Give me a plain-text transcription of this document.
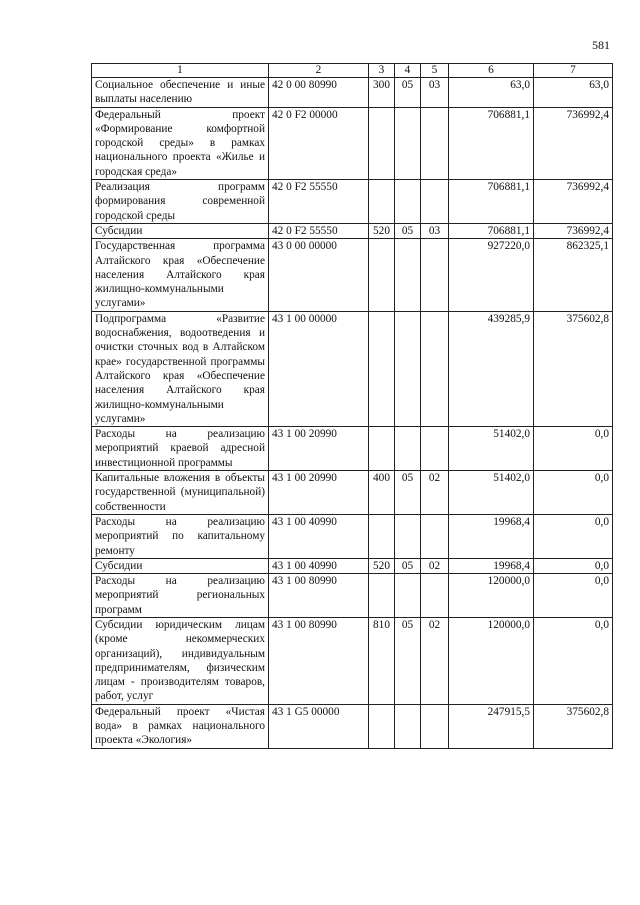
581
1	2	3	4	5	6	7
Социальное обеспечение и иные выплаты населению	42 0 00 80990	300	05	03	63,0	63,0
Федеральный проект «Формирование комфортной городской среды» в рамках национального проекта «Жилье и городская среда»	42 0 F2 00000				706881,1	736992,4
Реализация программ формирования современной городской среды	42 0 F2 55550				706881,1	736992,4
Субсидии	42 0 F2 55550	520	05	03	706881,1	736992,4
Государственная программа Алтайского края «Обеспечение населения Алтайского края жилищно-коммунальными услугами»	43 0 00 00000				927220,0	862325,1
Подпрограмма «Развитие водоснабжения, водоотведения и очистки сточных вод в Алтайском крае» государственной программы Алтайского края «Обеспечение населения Алтайского края жилищно-коммунальными услугами»	43 1 00 00000				439285,9	375602,8
Расходы на реализацию мероприятий краевой адресной инвестиционной программы	43 1 00 20990				51402,0	0,0
Капитальные вложения в объекты государственной (муниципальной) собственности	43 1 00 20990	400	05	02	51402,0	0,0
Расходы на реализацию мероприятий по капитальному ремонту	43 1 00 40990				19968,4	0,0
Субсидии	43 1 00 40990	520	05	02	19968,4	0,0
Расходы на реализацию мероприятий региональных программ	43 1 00 80990				120000,0	0,0
Субсидии юридическим лицам (кроме некоммерческих организаций), индивидуальным предпринимателям, физическим лицам - производителям товаров, работ, услуг	43 1 00 80990	810	05	02	120000,0	0,0
Федеральный проект «Чистая вода» в рамках национального проекта «Экология»	43 1 G5 00000				247915,5	375602,8
